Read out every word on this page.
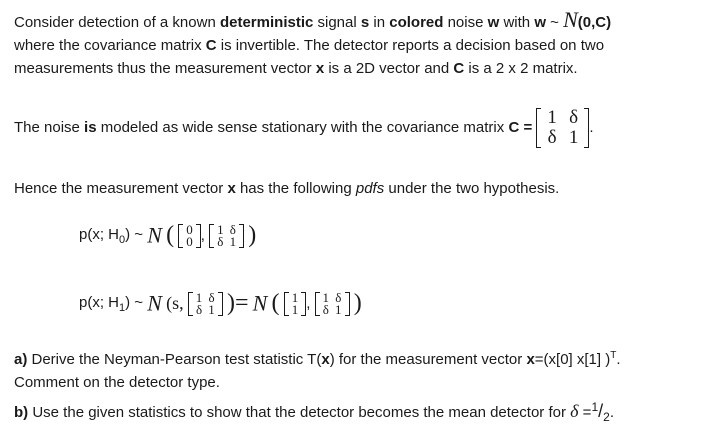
Consider detection of a known deterministic signal s in colored noise w with w ~ N(0,C)
where the covariance matrix C is invertible. The detector reports a decision based on two
measurements thus the measurement vector x is a 2D vector and C is a 2 x 2 matrix.
The noise is modeled as wide sense stationary with the covariance matrix C = 1	δ
δ	1 .
Hence the measurement vector x has the following pdfs under the two hypothesis.
p(x; $H_0$) ~ N ( 0
0 , 1	δ
δ	1 )
p(x; $H_1$) ~ N (s, 1	δ
δ	1 )= N ( 1
1 , 1	δ
δ	1 )
a) Derive the Neyman-Pearson test statistic T(x) for the measurement vector x=(x[0] x[1] )$^T$.
Comment on the detector type.
b) Use the given statistics to show that the detector becomes the mean detector for $\delta =^1/_2$.
